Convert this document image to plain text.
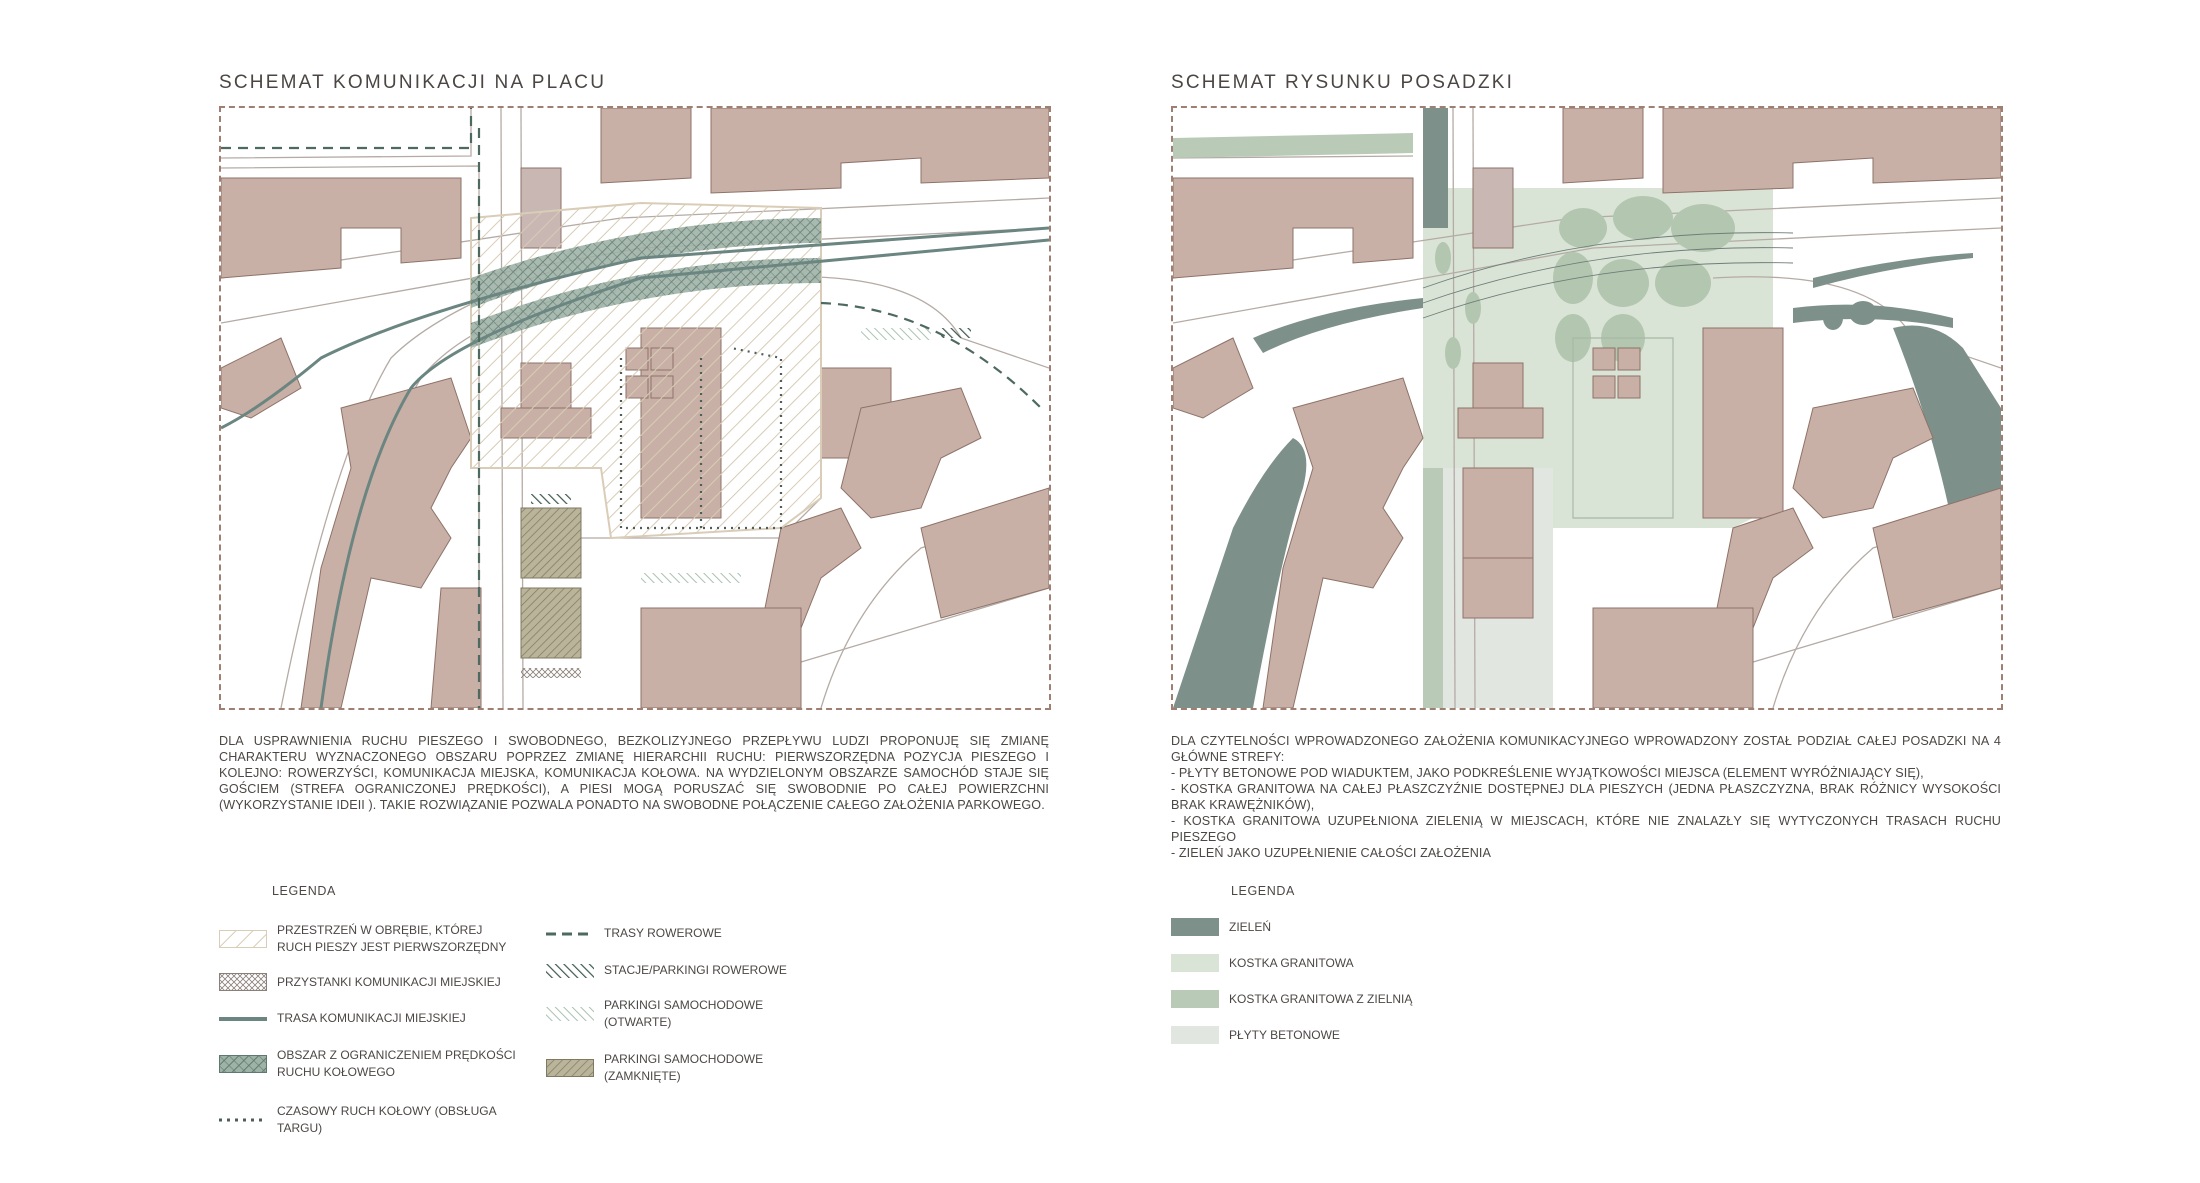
SCHEMAT KOMUNIKACJI NA PLACU

DLA USPRAWNIENIA RUCHU PIESZEGO I SWOBODNEGO, BEZKOLIZYJNEGO PRZEPŁYWU LUDZI PROPONUJĘ SIĘ ZMIANĘ CHARAKTERU WYZNACZONEGO OBSZARU POPRZEZ ZMIANĘ HIERARCHII RUCHU: PIERWSZORZĘDNA POZYCJA PIESZEGO I KOLEJNO: ROWERZYŚCI, KOMUNIKACJA MIEJSKA, KOMUNIKACJA KOŁOWA. NA WYDZIELONYM OBSZARZE SAMOCHÓD STAJE SIĘ GOŚCIEM (STREFA OGRANICZONEJ PRĘDKOŚCI), A PIESI MOGĄ PORUSZAĆ SIĘ SWOBODNIE PO CAŁEJ POWIERZCHNI (WYKORZYSTANIE IDEII ). TAKIE ROZWIĄZANIE POZWALA PONADTO NA SWOBODNE POŁĄCZENIE CAŁEGO ZAŁOŻENIA PARKOWEGO.

LEGENDA
PRZESTRZEŃ W OBRĘBIE, KTÓREJ RUCH PIESZY JEST PIERWSZORZĘDNY
PRZYSTANKI KOMUNIKACJI MIEJSKIEJ
TRASA KOMUNIKACJI MIEJSKIEJ
OBSZAR Z OGRANICZENIEM PRĘDKOŚCI RUCHU KOŁOWEGO
CZASOWY RUCH KOŁOWY (OBSŁUGA TARGU)
TRASY ROWEROWE
STACJE/PARKINGI ROWEROWE
PARKINGI SAMOCHODOWE (OTWARTE)
PARKINGI SAMOCHODOWE (ZAMKNIĘTE)
SCHEMAT RYSUNKU POSADZKI

DLA CZYTELNOŚCI WPROWADZONEGO ZAŁOŻENIA KOMUNIKACYJNEGO WPROWADZONY ZOSTAŁ PODZIAŁ CAŁEJ POSADZKI NA 4 GŁÓWNE STREFY:

- PŁYTY BETONOWE POD WIADUKTEM, JAKO PODKREŚLENIE WYJĄTKOWOŚCI MIEJSCA (ELEMENT WYRÓŻNIAJĄCY SIĘ),

- KOSTKA GRANITOWA NA CAŁEJ PŁASZCZYŹNIE DOSTĘPNEJ DLA PIESZYCH (JEDNA PŁASZCZYZNA, BRAK RÓŻNICY WYSOKOŚCI BRAK KRAWĘŻNIKÓW),

- KOSTKA GRANITOWA UZUPEŁNIONA ZIELENIĄ W MIEJSCACH, KTÓRE NIE ZNALAZŁY SIĘ WYTYCZONYCH TRASACH RUCHU PIESZEGO

- ZIELEŃ JAKO UZUPEŁNIENIE CAŁOŚCI ZAŁOŻENIA

LEGENDA
ZIELEŃ
KOSTKA GRANITOWA
KOSTKA GRANITOWA Z ZIELNIĄ
PŁYTY BETONOWE
